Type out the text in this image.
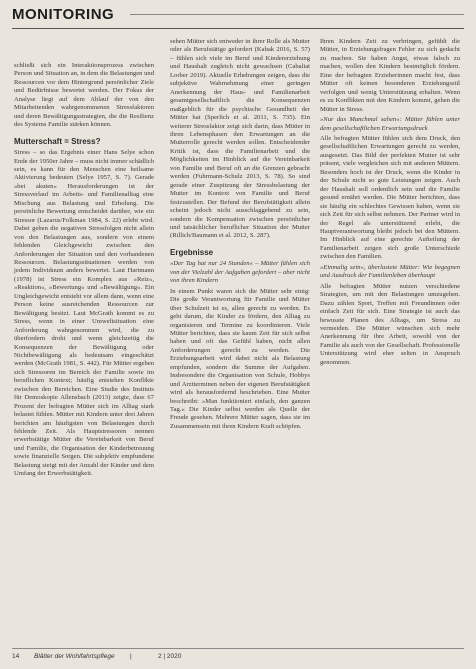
MONITORING

schließt sich ein Interaktionsprozess zwischen Person und Situation an, in dem die Belastungen und Ressourcen vor dem Hintergrund persönlicher Ziele und Bedürfnisse bewertet werden. Der Fokus der Analyse liegt auf dem Ablauf der von den Mitarbeitenden wahrgenommenen Stressfaktoren und deren Bewältigungsstrategien, die die Resilienz des Systems Familie stärken können.

Mutterschaft = Stress?

Stress – so das Ergebnis einer Hans Selye schon Ende der 1950er Jahre – muss nicht immer schädlich sein, es kann für den Menschen eine heilsame Aktivierung bedeuten (Selye 1957, S. 7). Gerade »bei akuten« Herausforderungen ist der Stressverlauf im Arbeits- und Familienalltag eine Mischung aus Belastung und Erholung. Die persönliche Bewertung entscheidet darüber, wie ein Stressor (Lazarus/Folkman 1984, S. 22) erlebt wird. Dabei gehen die negativen Stressfolgen nicht allein von den Belastungen aus, sondern von einem fehlenden Gleichgewicht zwischen den Anforderungen der Situation und den vorhandenen Ressourcen. Belastungssituationen werden von jedem Individuum anders bewertet. Laut Hartmann (1978) ist Stress ein Komplex aus »Reiz«, »Reaktion«, »Bewertung« und »Bewältigung«. Ein Ungleichgewicht entsteht vor allem dann, wenn eine Person keine ausreichenden Ressourcen zur Bewältigung besitzt. Laut McGrath kommt es zu Stress, wenn in einer Umweltsituation eine Anforderung wahrgenommen wird, die zu überfordern droht und wenn gleichzeitig die Konsequenzen der Bewältigung oder Nichtbewältigung als bedeutsam eingeschätzt werden (McGrath 1981, S. 442). Für Mütter ergeben sich Stressoren im Bereich der Familie sowie im beruflichen Kontext; häufig entstehen Konflikte zwischen den Bereichen. Eine Studie des Instituts für Demoskopie Allensbach (2013) zeigte, dass 67 Prozent der befragten Mütter sich im Alltag stark belastet fühlen. Mütter mit Kindern unter drei Jahren berichten am häufigsten von Belastungen durch fehlende Zeit. Als Hauptstressoren nennen erwerbstätige Mütter die Vereinbarkeit von Beruf und Familie, die Organisation der Kinderbetreuung sowie finanzielle Sorgen. Die subjektiv empfundene Belastung steigt mit der Anzahl der Kinder und dem Umfang der Erwerbstätigkeit.

sehen Mütter sich entweder in ihrer Rolle als Mutter oder als Berufstätige gefordert (Kabak 2016, S. 57) – fühlen sich viele im Beruf und Kindererziehung und Haushalt zugleich nicht gewachsen (Cabaliat Lorber 2019). Aktuelle Erhebungen zeigen, dass die subjektive Wahrnehmung einer geringen Anerkennung der Haus- und Familienarbeit gesamtgesellschaftlich die Konsequenzen maßgeblich für die psychische Gesundheit der Mütter hat (Sperlich et al. 2011, S. 735). Ein weiterer Stressfaktor zeigt sich darin, dass Mütter in ihren Lebensphasen den Erwartungen an die Mutterrolle gerecht werden sollen. Entscheidender Kritik ist, dass die Familienarbeit und die Möglichkeiten im Hinblick auf die Vereinbarkeit von Familie und Beruf oft an die Grenzen gebracht werden (Fuhrmann-Schulz 2013, S. 78). So sind gerade einer Zuspitzung der Stressbelastung der Mutter im Kontext von Familie und Beruf festzustellen. Der Befund der Berufstätigkeit allein scheint jedoch nicht ausschlaggebend zu sein, sondern die Kompensation zwischen persönlicher und tatsächlicher beruflicher Situation der Mutter (Rillich/Baumann et al. 2012, S. 287).

Ergebnisse

»Der Tag hat nur 24 Stunden« – Mütter fühlen sich von der Vielzahl der Aufgaben gefordert – aber nicht von ihren Kindern

In einem Punkt waren sich die Mütter sehr einig: Die große Verantwortung für Familie und Mütter über Schulzeit ist es, allen gerecht zu werden. Es geht darum, die Kinder zu fördern, den Alltag zu organisieren und Termine zu koordinieren. Viele Mütter berichten, dass sie kaum Zeit für sich selbst haben und oft das Gefühl haben, nicht allen Anforderungen gerecht zu werden. Die Erziehungsarbeit wird dabei nicht als Belastung empfunden, sondern die Summe der Aufgaben. Insbesondere die Organisation von Schule, Hobbys und Arztterminen neben der eigenen Berufstätigkeit wird als herausfordernd beschrieben. Eine Mutter beschreibt: »Man funktioniert einfach, den ganzen Tag.« Die Kinder selbst werden als Quelle der Freude gesehen. Mehrere Mütter sagen, dass sie im Zusammensein mit ihren Kindern Kraft schöpfen.

Ihren Kindern Zeit zu verbringen, gefühlt die Mütter, in Erziehungsfragen Fehler zu sich gedacht zu machen. Sie haben Angst, etwas falsch zu machen, wollen den Kindern bestmöglich fördern. Eine der befragten Erzieherinnen macht fest, dass Mütter oft keinen besonderen Erziehungsstil verfolgen und wenig Unterstützung erhalten. Wenn es zu Konflikten mit den Kindern kommt, gehen die Mütter in Stress.

»Nur das Manchmal sahen«: Mütter fühlen unter dem gesellschaftlichen Erwartungsdruck

Alle befragten Mütter fühlen sich dem Druck, den gesellschaftlichen Erwartungen gerecht zu werden, ausgesetzt. Das Bild der perfekten Mutter ist sehr präsent, viele vergleichen sich mit anderen Müttern. Besonders hoch ist der Druck, wenn die Kinder in der Schule nicht so gute Leistungen zeigen. Auch der Haushalt soll ordentlich sein und die Familie gesund ernährt werden. Die Mütter berichten, dass sie häufig ein schlechtes Gewissen haben, wenn sie sich Zeit für sich selbst nehmen. Der Partner wird in der Regel als unterstützend erlebt, die Hauptverantwortung bleibt jedoch bei den Müttern. Im Hinblick auf eine gerechte Aufteilung der Familienarbeit zeigen sich große Unterschiede zwischen den Familien.

»Einmalig sein«, überlastete Mütter: Wie begegnen und Ausdruck der Familienleben überhaupt

Alle befragten Mütter nutzen verschiedene Strategien, um mit den Belastungen umzugehen. Dazu zählen Sport, Treffen mit Freundinnen oder einfach Zeit für sich. Eine Strategie ist auch das bewusste Planen des Alltags, um Stress zu vermeiden. Die Mütter wünschen sich mehr Anerkennung für ihre Arbeit, sowohl von der Familie als auch von der Gesellschaft. Professionelle Unterstützung wird eher selten in Anspruch genommen.

14 Blätter der Wohlfahrtspflege |	2 | 2020
